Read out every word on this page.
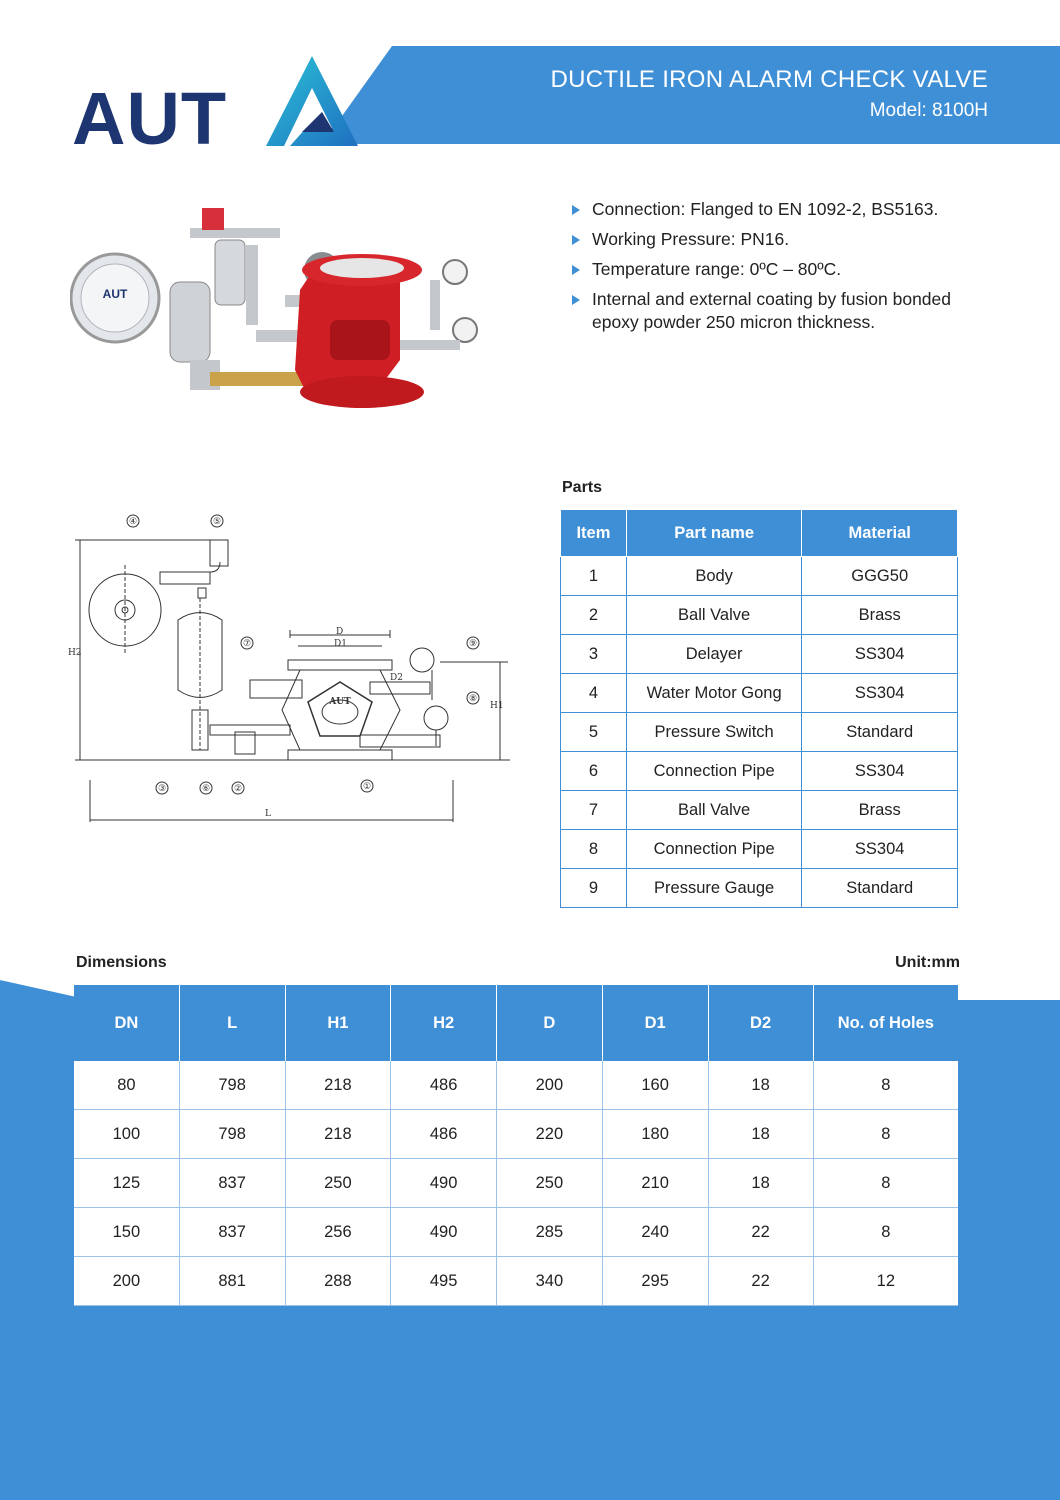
DUCTILE IRON ALARM CHECK VALVE
Model: 8100H
AUT
AUT
Connection: Flanged to EN 1092-2, BS5163.
Working Pressure: PN16.
Temperature range: 0ºC – 80ºC.
Internal and external coating by fusion bonded epoxy powder 250 micron thickness.
H2
H1
L
D
D1
AUT
D2
④	⑤
⑦	⑨
⑧
③	⑥	②	①
Parts
Item	Part name	Material
1	Body	GGG50
2	Ball Valve	Brass
3	Delayer	SS304
4	Water Motor Gong	SS304
5	Pressure Switch	Standard
6	Connection Pipe	SS304
7	Ball Valve	Brass
8	Connection Pipe	SS304
9	Pressure Gauge	Standard
Dimensions	Unit:mm
DN	L	H1	H2	D	D1	D2	No. of Holes
80	798	218	486	200	160	18	8
100	798	218	486	220	180	18	8
125	837	250	490	250	210	18	8
150	837	256	490	285	240	22	8
200	881	288	495	340	295	22	12
